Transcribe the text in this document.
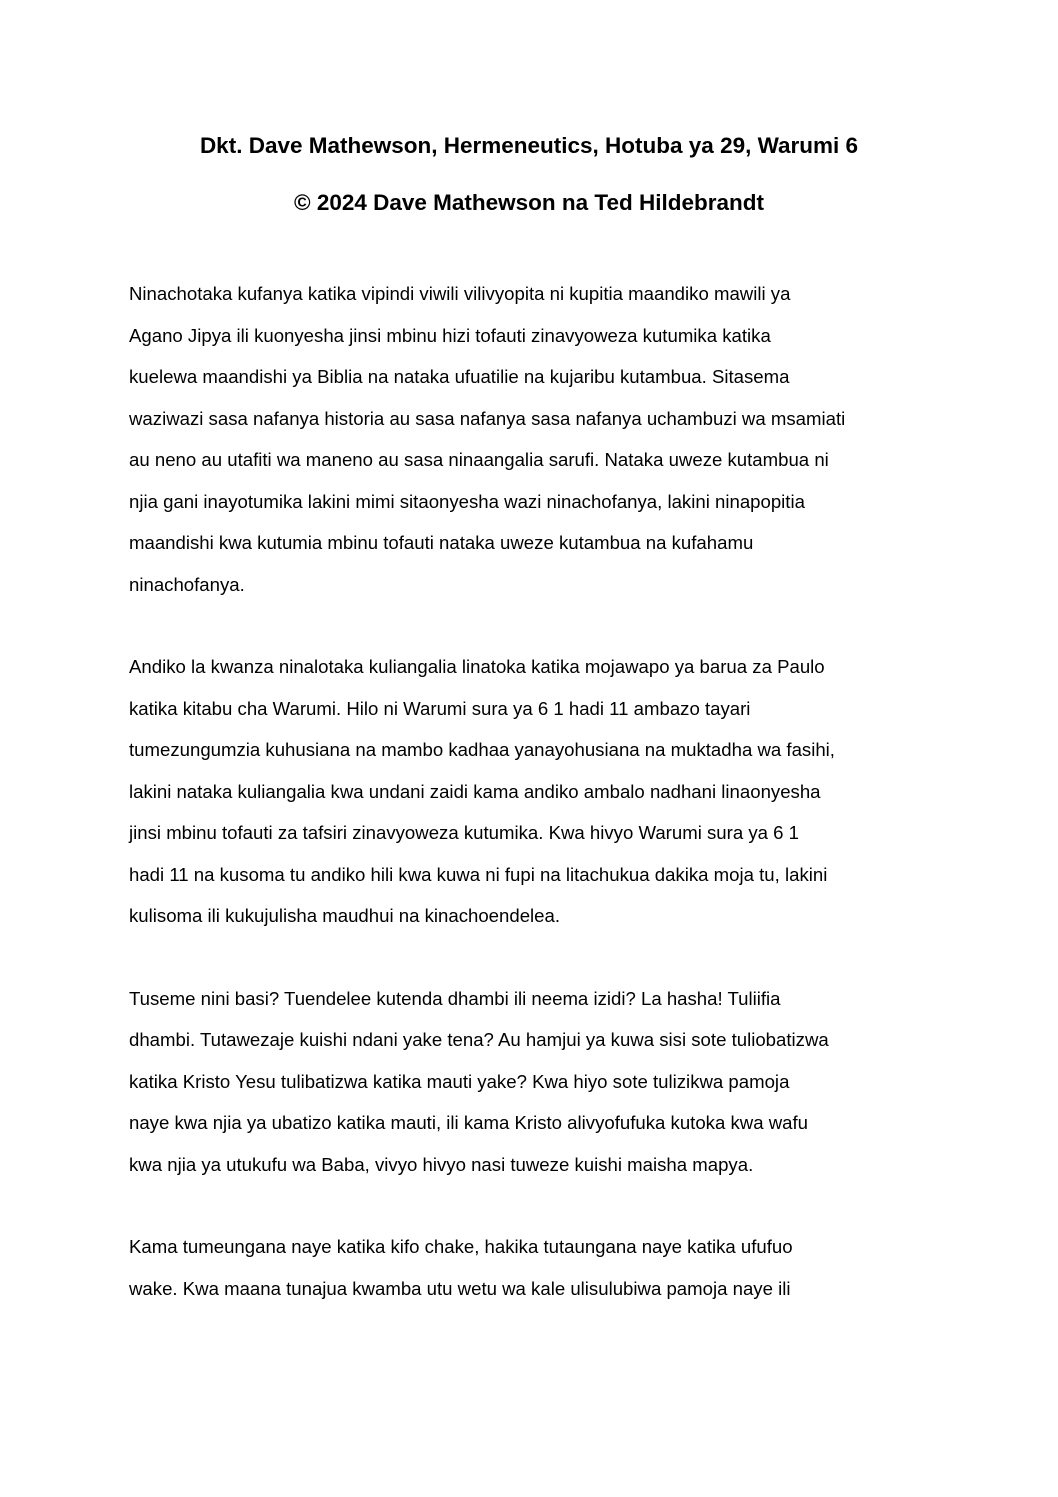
Dkt. Dave Mathewson, Hermeneutics, Hotuba ya 29, Warumi 6
© 2024 Dave Mathewson na Ted Hildebrandt
Ninachotaka kufanya katika vipindi viwili vilivyopita ni kupitia maandiko mawili ya
Agano Jipya ili kuonyesha jinsi mbinu hizi tofauti zinavyoweza kutumika katika
kuelewa maandishi ya Biblia na nataka ufuatilie na kujaribu kutambua. Sitasema
waziwazi sasa nafanya historia au sasa nafanya sasa nafanya uchambuzi wa msamiati
au neno au utafiti wa maneno au sasa ninaangalia sarufi. Nataka uweze kutambua ni
njia gani inayotumika lakini mimi sitaonyesha wazi ninachofanya, lakini ninapopitia
maandishi kwa kutumia mbinu tofauti nataka uweze kutambua na kufahamu
ninachofanya.
Andiko la kwanza ninalotaka kuliangalia linatoka katika mojawapo ya barua za Paulo
katika kitabu cha Warumi. Hilo ni Warumi sura ya 6 1 hadi 11 ambazo tayari
tumezungumzia kuhusiana na mambo kadhaa yanayohusiana na muktadha wa fasihi,
lakini nataka kuliangalia kwa undani zaidi kama andiko ambalo nadhani linaonyesha
jinsi mbinu tofauti za tafsiri zinavyoweza kutumika. Kwa hivyo Warumi sura ya 6 1
hadi 11 na kusoma tu andiko hili kwa kuwa ni fupi na litachukua dakika moja tu, lakini
kulisoma ili kukujulisha maudhui na kinachoendelea.
Tuseme nini basi? Tuendelee kutenda dhambi ili neema izidi? La hasha! Tuliifia
dhambi. Tutawezaje kuishi ndani yake tena? Au hamjui ya kuwa sisi sote tuliobatizwa
katika Kristo Yesu tulibatizwa katika mauti yake? Kwa hiyo sote tulizikwa pamoja
naye kwa njia ya ubatizo katika mauti, ili kama Kristo alivyofufuka kutoka kwa wafu
kwa njia ya utukufu wa Baba, vivyo hivyo nasi tuweze kuishi maisha mapya.
Kama tumeungana naye katika kifo chake, hakika tutaungana naye katika ufufuo
wake. Kwa maana tunajua kwamba utu wetu wa kale ulisulubiwa pamoja naye ili
